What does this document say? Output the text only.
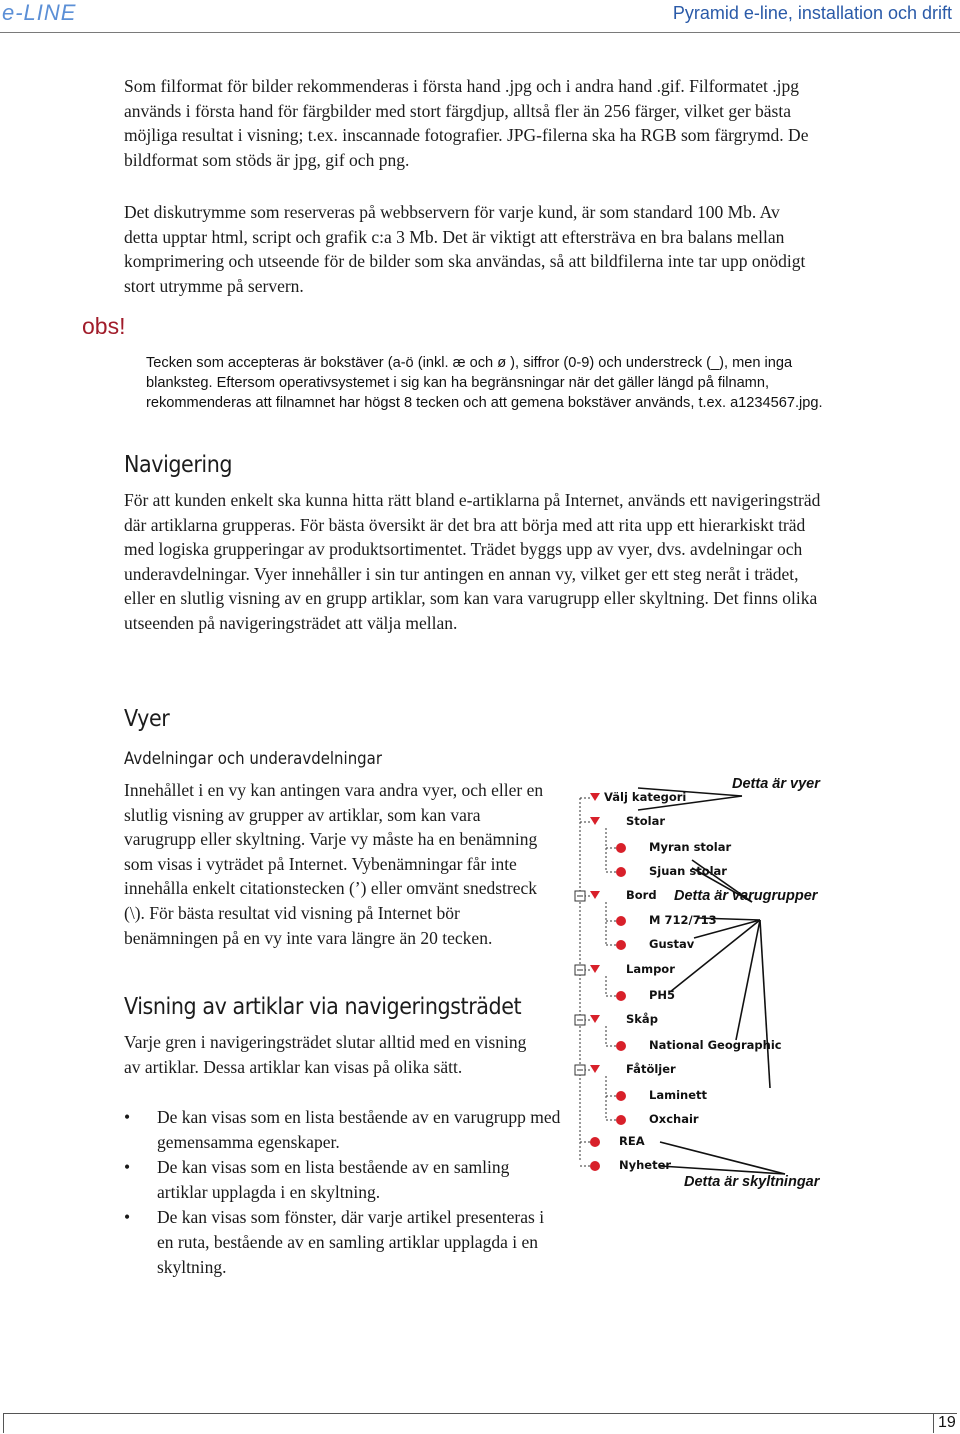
e-LINE	Pyramid e-line, installation och drift

Som filformat för bilder rekommenderas i första hand .jpg och i andra hand .gif. Filformatet .jpg används i första hand för färgbilder med stort färgdjup, alltså fler än 256 färger, vilket ger bästa möjliga resultat i visning; t.ex. inscannade fotografier. JPG-filerna ska ha RGB som färgrymd. De bildformat som stöds är jpg, gif och png.

Det diskutrymme som reserveras på webbservern för varje kund, är som standard 100 Mb. Av detta upptar html, script och grafik c:a 3 Mb. Det är viktigt att eftersträva en bra balans mellan komprimering och utseende för de bilder som ska användas, så att bildfilerna inte tar upp onödigt stort utrymme på servern.

obs!

Tecken som accepteras är bokstäver (a-ö (inkl. æ och ø ), siffror (0-9) och understreck (_), men inga blanksteg. Eftersom operativsystemet i sig kan ha begränsningar när det gäller längd på filnamn, rekommenderas att filnamnet har högst 8 tecken och att gemena bokstäver används, t.ex. a1234567.jpg.

Navigering

För att kunden enkelt ska kunna hitta rätt bland e-artiklarna på Internet, används ett navigeringsträd där artiklarna grupperas. För bästa översikt är det bra att börja med att rita upp ett hierarkiskt träd med logiska grupperingar av produktsortimentet. Trädet byggs upp av vyer, dvs. avdelningar och underavdelningar. Vyer innehåller i sin tur antingen en annan vy, vilket ger ett steg neråt i trädet, eller en slutlig visning av en grupp artiklar, som kan vara varugrupp eller skyltning. Det finns olika utseenden på navigeringsträdet att välja mellan.

Vyer
Avdelningar och underavdelningar

Innehållet i en vy kan antingen vara andra vyer, och eller en slutlig visning av grupper av artiklar, som kan vara varugrupp eller skyltning. Varje vy måste ha en benämning som visas i vyträdet på Internet. Vybenämningar får inte innehålla enkelt citationstecken (’) eller omvänt snedstreck (\). För bästa resultat vid visning på Internet bör benämningen på en vy inte vara längre än 20 tecken.

Visning av artiklar via navigeringsträdet

Varje gren i navigeringsträdet slutar alltid med en visning av artiklar. Dessa artiklar kan visas på olika sätt.

• De kan visas som en lista bestående av en varugrupp med gemensamma egenskaper.
• De kan visas som en lista bestående av en samling artiklar upplagda i en skyltning.
• De kan visas som fönster, där varje artikel presenteras i en ruta, bestående av en samling artiklar upplagda i en skyltning.
Välj kategori
Stolar
Myran stolar
Sjuan stolar
Bord
M 712/713
Gustav
Lampor
PH5
Skåp
National Geographic
Fåtöljer
Laminett
Oxchair
REA
Nyheter
Detta är vyer
Detta är varugrupper
Detta är skyltningar
19
